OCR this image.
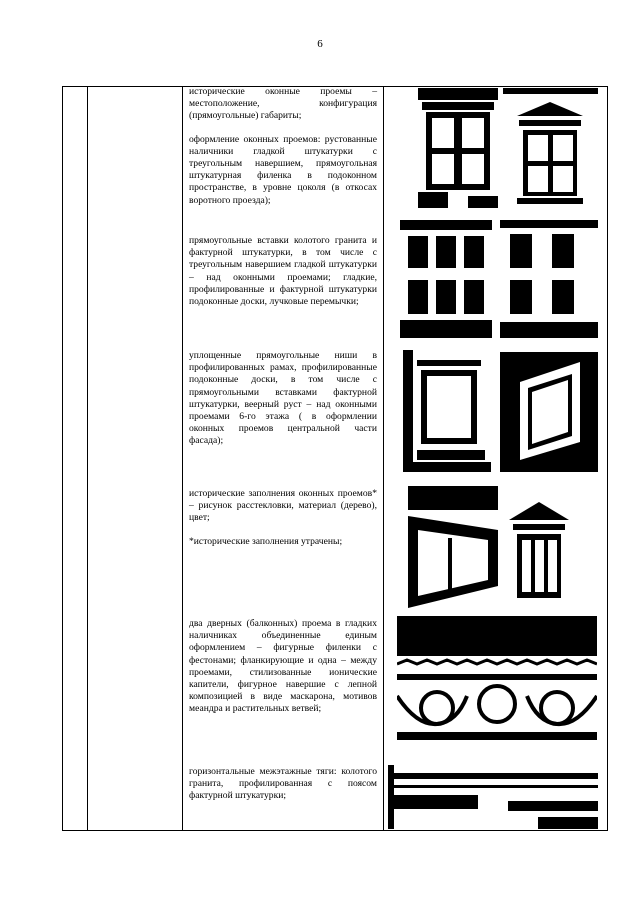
6

исторические оконные проемы – местоположение, конфигурация (прямоугольные) габариты;

оформление оконных проемов: рустованные наличники гладкой штукатурки с треугольным навершием, прямоугольная штукатурная филенка в подоконном пространстве, в уровне цоколя (в откосах воротного проезда);

прямоугольные вставки колотого гранита и фактурной штукатурки, в том числе с треугольным навершием гладкой штукатурки – над оконными проемами; гладкие, профилированные и фактурной штукатурки подоконные доски, лучковые перемычки;

уплощенные прямоугольные ниши в профилированных рамах, профилированные подоконные доски, в том числе с прямоугольными вставками фактурной штукатурки, веерный руст – над оконными проемами 6-го этажа ( в оформлении оконных проемов центральной части фасада);

исторические заполнения оконных проемов* – рисунок расстекловки, материал (дерево), цвет;

*исторические заполнения утрачены;

два дверных (балконных) проема в гладких наличниках объединенные единым оформлением – фигурные филенки с фестонами; фланкирующие и одна – между проемами, стилизованные ионические капители, фигурное навершие с лепной композицией в виде маскарона, мотивов меандра и растительных ветвей;

горизонтальные межэтажные тяги: колотого гранита, профилированная с поясом фактурной штукатурки;
